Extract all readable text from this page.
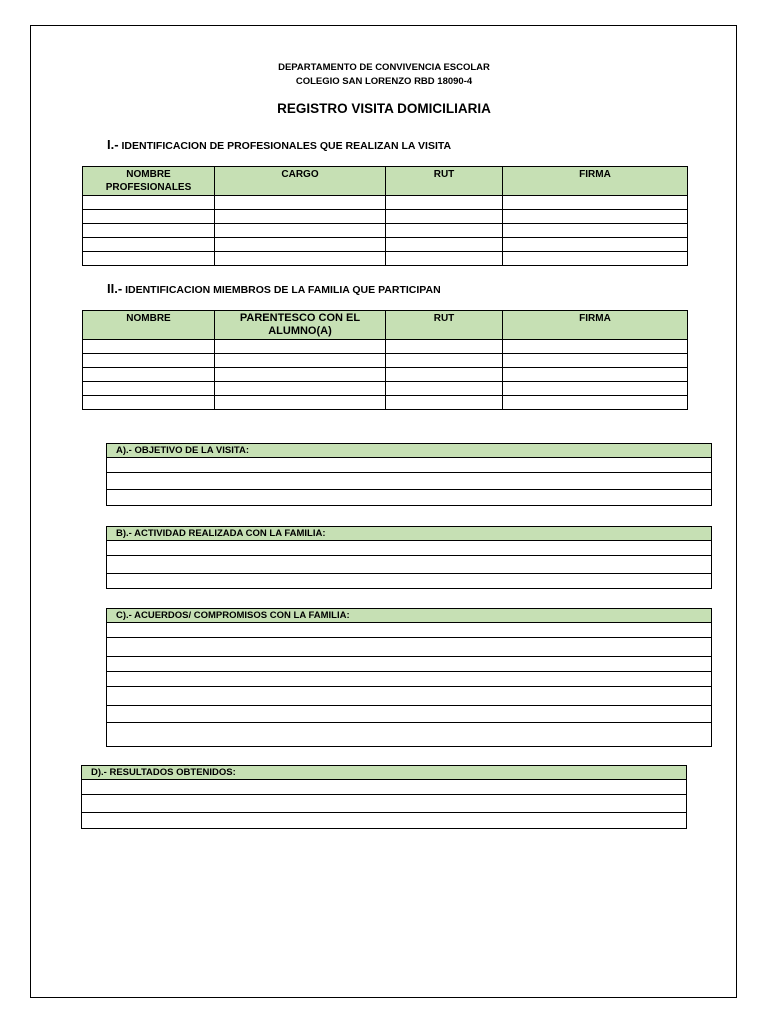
DEPARTAMENTO DE CONVIVENCIA ESCOLAR
COLEGIO SAN LORENZO RBD 18090-4
REGISTRO VISITA DOMICILIARIA
I.- IDENTIFICACION DE PROFESIONALES QUE REALIZAN LA VISITA
NOMBRE PROFESIONALES	CARGO	RUT	FIRMA

II.- IDENTIFICACION MIEMBROS DE LA FAMILIA QUE PARTICIPAN
NOMBRE	PARENTESCO CON EL ALUMNO(A)	RUT	FIRMA

A).- OBJETIVO DE LA VISITA:
B).- ACTIVIDAD REALIZADA CON LA FAMILIA:
C).- ACUERDOS/ COMPROMISOS CON LA FAMILIA:
D).- RESULTADOS OBTENIDOS:
